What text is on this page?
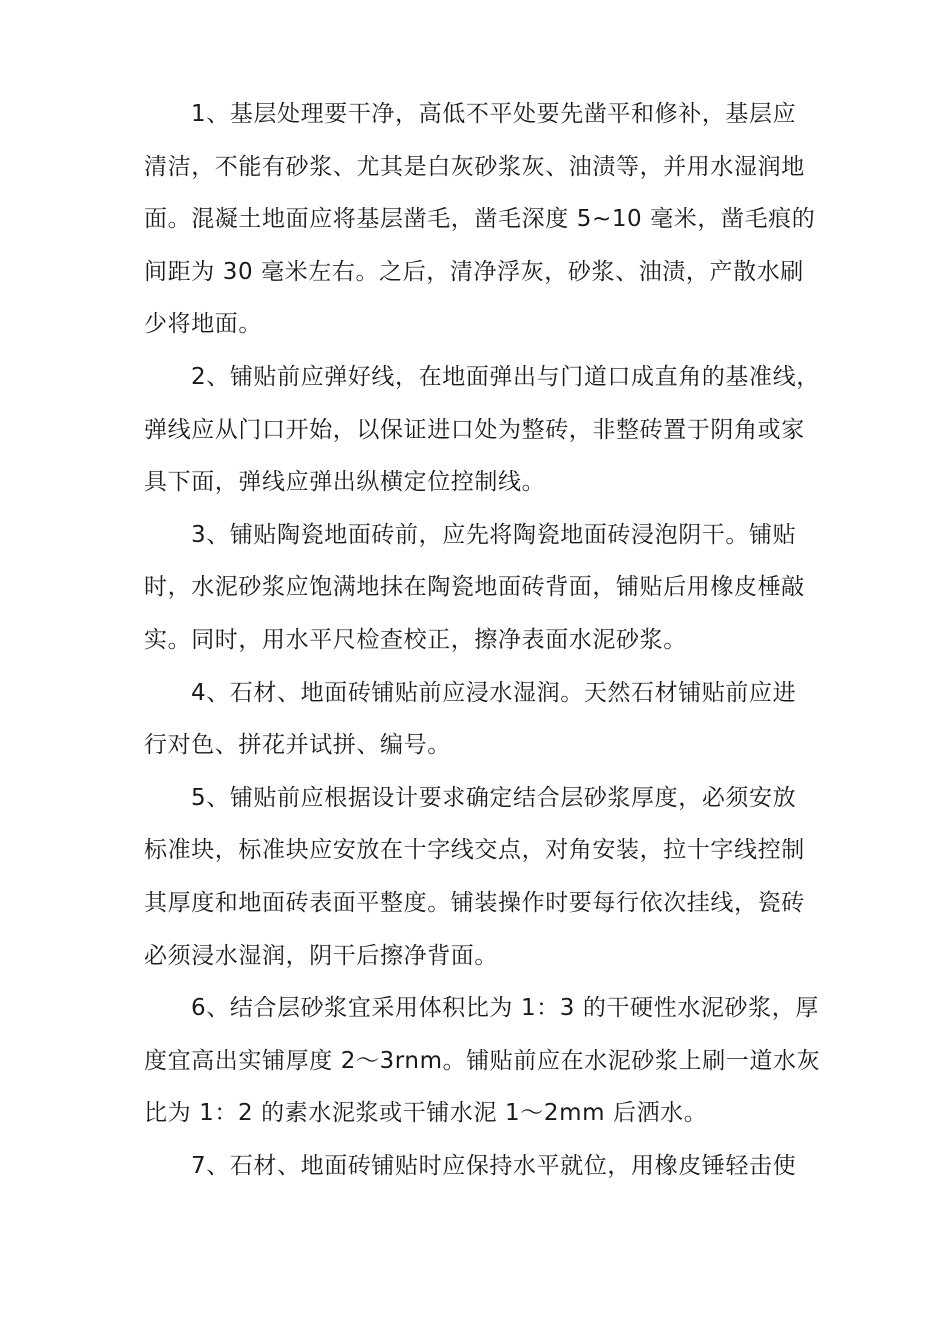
1、基层处理要干净，高低不平处要先凿平和修补，基层应
清洁，不能有砂浆、尤其是白灰砂浆灰、油渍等，并用水湿润地
面。混凝土地面应将基层凿毛，凿毛深度 5~10 毫米，凿毛痕的
间距为 30 毫米左右。之后，清净浮灰，砂浆、油渍，产散水刷
少将地面。

2、铺贴前应弹好线，在地面弹出与门道口成直角的基准线，
弹线应从门口开始，以保证进口处为整砖，非整砖置于阴角或家
具下面，弹线应弹出纵横定位控制线。

3、铺贴陶瓷地面砖前，应先将陶瓷地面砖浸泡阴干。铺贴
时，水泥砂浆应饱满地抹在陶瓷地面砖背面，铺贴后用橡皮棰敲
实。同时，用水平尺检查校正，擦净表面水泥砂浆。

4、石材、地面砖铺贴前应浸水湿润。天然石材铺贴前应进
行对色、拼花并试拼、编号。

5、铺贴前应根据设计要求确定结合层砂浆厚度，必须安放
标准块，标准块应安放在十字线交点，对角安装，拉十字线控制
其厚度和地面砖表面平整度。铺装操作时要每行依次挂线，瓷砖
必须浸水湿润，阴干后擦净背面。

6、结合层砂浆宜采用体积比为 1：3 的干硬性水泥砂浆，厚
度宜高出实铺厚度 2～3rnm。铺贴前应在水泥砂浆上刷一道水灰
比为 1：2 的素水泥浆或干铺水泥 1～2mm 后洒水。

7、石材、地面砖铺贴时应保持水平就位，用橡皮锤轻击使
